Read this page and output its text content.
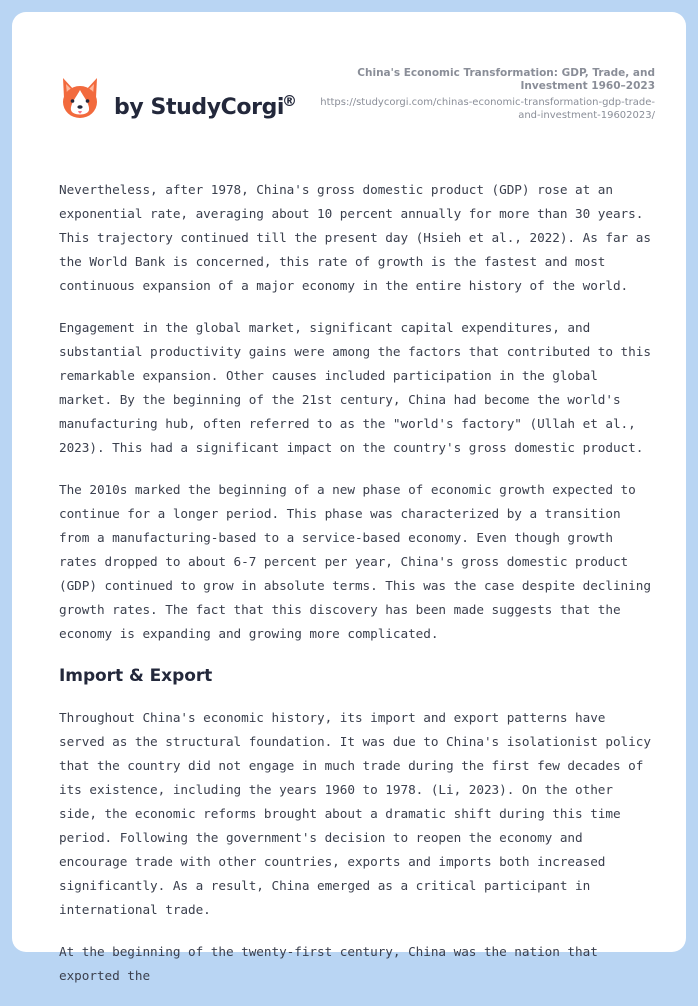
by StudyCorgi
®
China's Economic Transformation: GDP, Trade, and Investment 1960–2023
https://studycorgi.com/chinas-economic-transformation-gdp-trade-and-investment-19602023/

Nevertheless, after 1978, China's gross domestic product (GDP) rose at an exponential rate, averaging about 10 percent annually for more than 30 years. This trajectory continued till the present day (Hsieh et al., 2022). As far as the World Bank is concerned, this rate of growth is the fastest and most continuous expansion of a major economy in the entire history of the world.

Engagement in the global market, significant capital expenditures, and substantial productivity gains were among the factors that contributed to this remarkable expansion. Other causes included participation in the global market. By the beginning of the 21st century, China had become the world's manufacturing hub, often referred to as the "world's factory" (Ullah et al., 2023). This had a significant impact on the country's gross domestic product.

The 2010s marked the beginning of a new phase of economic growth expected to continue for a longer period. This phase was characterized by a transition from a manufacturing-based to a service-based economy. Even though growth rates dropped to about 6-7 percent per year, China's gross domestic product (GDP) continued to grow in absolute terms. This was the case despite declining growth rates. The fact that this discovery has been made suggests that the economy is expanding and growing more complicated.

Import & Export

Throughout China's economic history, its import and export patterns have served as the structural foundation. It was due to China's isolationist policy that the country did not engage in much trade during the first few decades of its existence, including the years 1960 to 1978. (Li, 2023). On the other side, the economic reforms brought about a dramatic shift during this time period. Following the government's decision to reopen the economy and encourage trade with other countries, exports and imports both increased significantly. As a result, China emerged as a critical participant in international trade.

At the beginning of the twenty-first century, China was the nation that exported the
